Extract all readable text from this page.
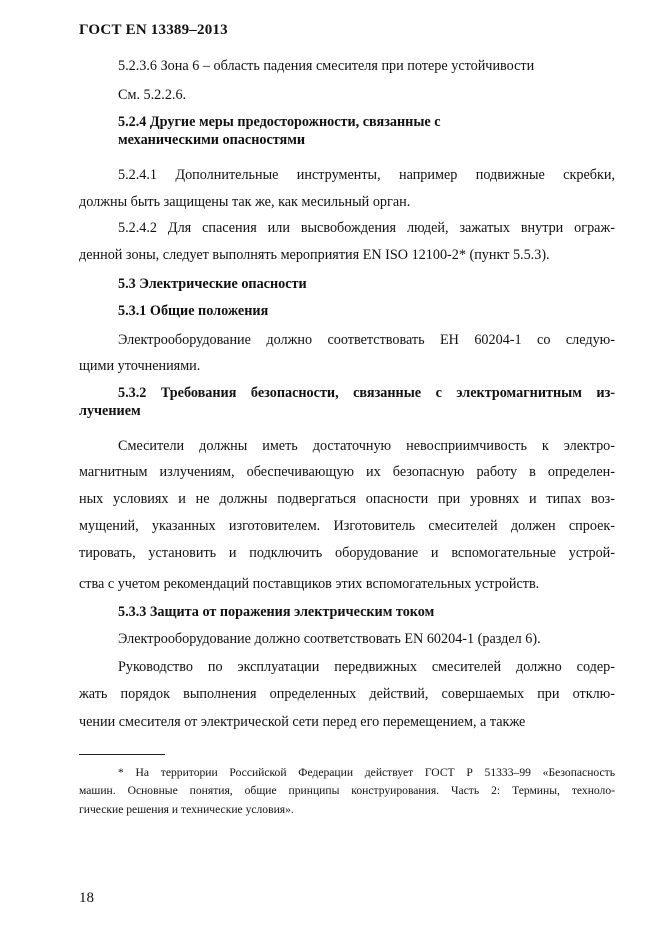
ГОСТ EN 13389–2013
5.2.3.6 Зона 6 – область падения смесителя при потере устойчивости
См. 5.2.2.6.
5.2.4 Другие меры предосторожности, связанные с
механическими опасностями
5.2.4.1 Дополнительные инструменты, например подвижные скребки,
должны быть защищены так же, как месильный орган.
5.2.4.2 Для спасения или высвобождения людей, зажатых внутри ограж-
денной зоны, следует выполнять мероприятия EN ISO 12100-2* (пункт 5.5.3).
5.3 Электрические опасности
5.3.1 Общие положения
Электрооборудование должно соответствовать ЕН 60204-1 со следую-
щими уточнениями.
5.3.2 Требования безопасности, связанные с электромагнитным из-
лучением
Смесители должны иметь достаточную невосприимчивость к электро-
магнитным излучениям, обеспечивающую их безопасную работу в определен-
ных условиях и не должны подвергаться опасности при уровнях и типах воз-
мущений, указанных изготовителем. Изготовитель смесителей должен спроек-
тировать, установить и подключить оборудование и вспомогательные устрой-
ства с учетом рекомендаций поставщиков этих вспомогательных устройств.
5.3.3 Защита от поражения электрическим током
Электрооборудование должно соответствовать EN 60204-1 (раздел 6).
Руководство по эксплуатации передвижных смесителей должно содер-
жать порядок выполнения определенных действий, совершаемых при отклю-
чении смесителя от электрической сети перед его перемещением, а также
* На территории Российской Федерации действует ГОСТ Р 51333–99 «Безопасность
машин. Основные понятия, общие принципы конструирования. Часть 2: Термины, техноло-
гические решения и технические условия».
18
